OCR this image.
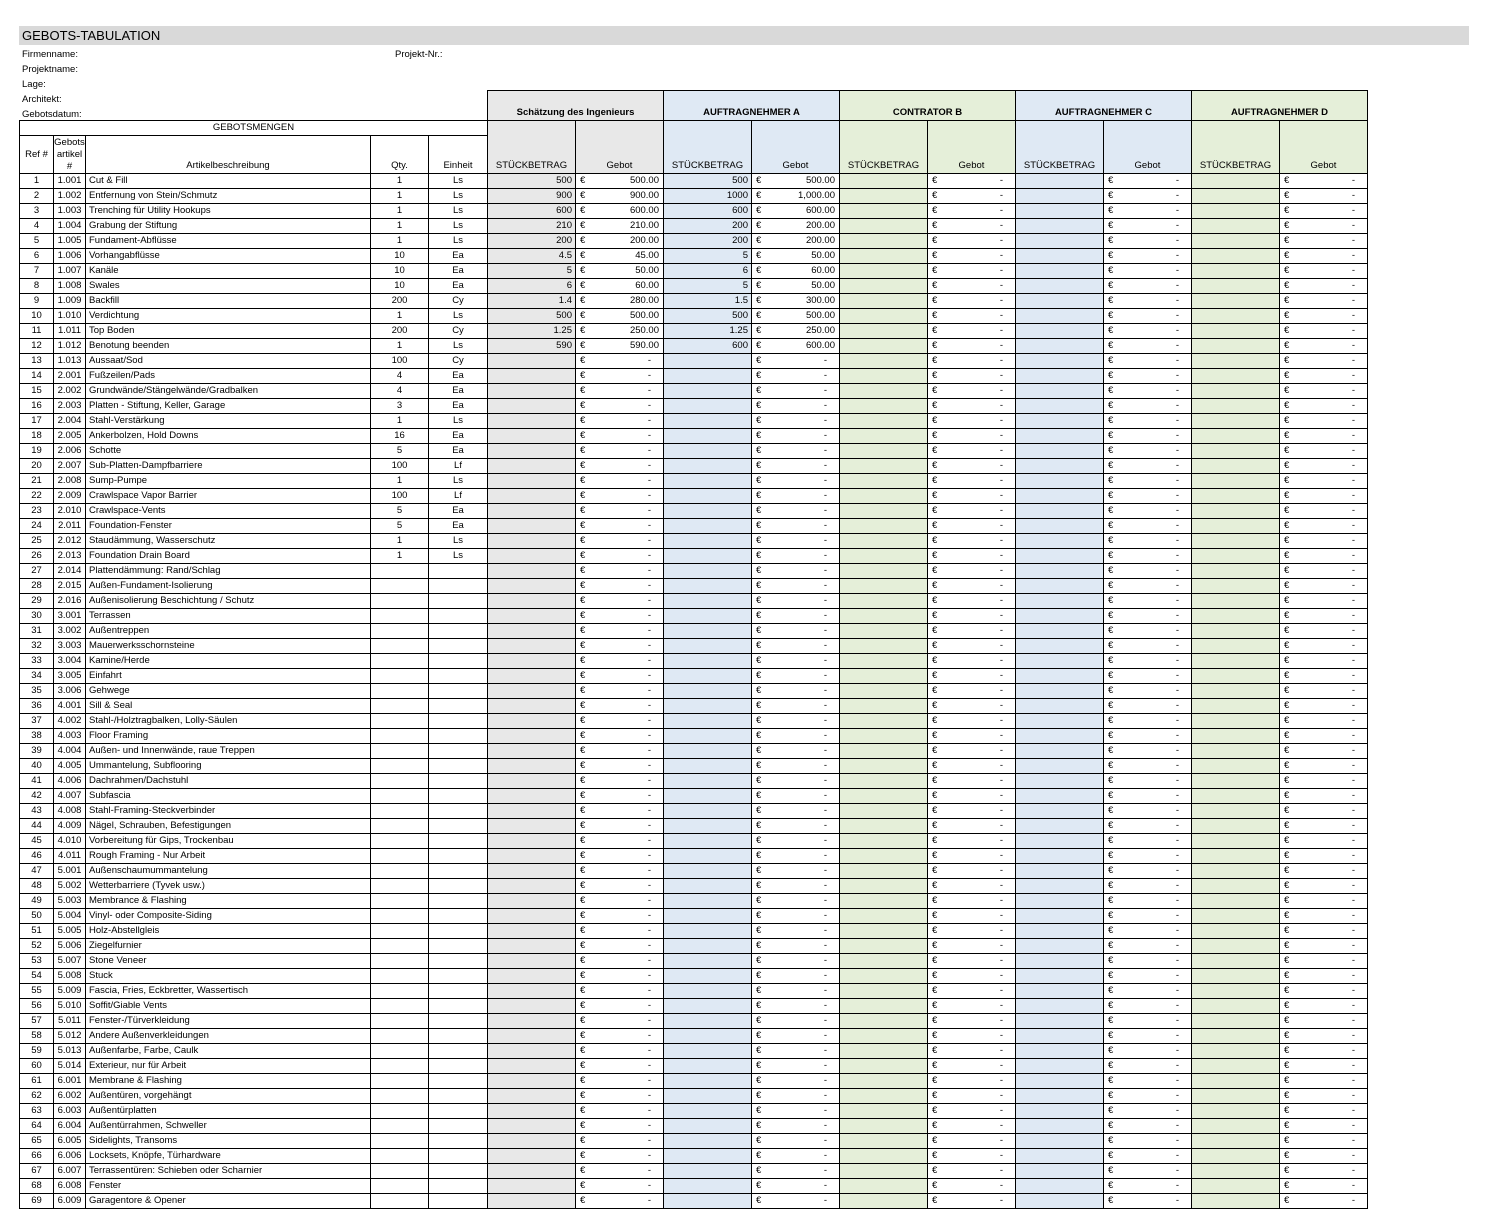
GEBOTS-TABULATION
Firmenname:
Projektname:
Lage:
Architekt:
Gebotsdatum:
Projekt-Nr.:
					Schätzung des Ingenieurs		AUFTRAGNEHMER A		CONTRATOR B		AUFTRAGNEHMER C		AUFTRAGNEHMER D	
GEBOTSMENGEN					STÜCKBETRAG	Gebot	STÜCKBETRAG	Gebot	STÜCKBETRAG	Gebot	STÜCKBETRAG	Gebot	STÜCKBETRAG	Gebot
Ref #	Gebots artikel #	Artikelbeschreibung	Qty.	Einheit										
1	1.001	Cut & Fill	1	Ls	500	€ 500.00	500	€ 500.00		€ -		€ -		€ -

2	1.002	Entfernung von Stein/Schmutz	1	Ls	900	€ 900.00	1000	€ 1,000.00		€ -		€ -		€ -

3	1.003	Trenching für Utility Hookups	1	Ls	600	€ 600.00	600	€ 600.00		€ -		€ -		€ -

4	1.004	Grabung der Stiftung	1	Ls	210	€ 210.00	200	€ 200.00		€ -		€ -		€ -

5	1.005	Fundament-Abflüsse	1	Ls	200	€ 200.00	200	€ 200.00		€ -		€ -		€ -

6	1.006	Vorhangabflüsse	10	Ea	4.5	€ 45.00	5	€ 50.00		€ -		€ -		€ -

7	1.007	Kanäle	10	Ea	5	€ 50.00	6	€ 60.00		€ -		€ -		€ -

8	1.008	Swales	10	Ea	6	€ 60.00	5	€ 50.00		€ -		€ -		€ -

9	1.009	Backfill	200	Cy	1.4	€ 280.00	1.5	€ 300.00		€ -		€ -		€ -

10	1.010	Verdichtung	1	Ls	500	€ 500.00	500	€ 500.00		€ -		€ -		€ -

11	1.011	Top Boden	200	Cy	1.25	€ 250.00	1.25	€ 250.00		€ -		€ -		€ -

12	1.012	Benotung beenden	1	Ls	590	€ 590.00	600	€ 600.00		€ -		€ -		€ -

13	1.013	Aussaat/Sod	100	Cy		€ -		€ -		€ -		€ -		€ -

14	2.001	Fußzeilen/Pads	4	Ea		€ -		€ -		€ -		€ -		€ -

15	2.002	Grundwände/Stängelwände/Gradbalken	4	Ea		€ -		€ -		€ -		€ -		€ -

16	2.003	Platten - Stiftung, Keller, Garage	3	Ea		€ -		€ -		€ -		€ -		€ -

17	2.004	Stahl-Verstärkung	1	Ls		€ -		€ -		€ -		€ -		€ -

18	2.005	Ankerbolzen, Hold Downs	16	Ea		€ -		€ -		€ -		€ -		€ -

19	2.006	Schotte	5	Ea		€ -		€ -		€ -		€ -		€ -

20	2.007	Sub-Platten-Dampfbarriere	100	Lf		€ -		€ -		€ -		€ -		€ -

21	2.008	Sump-Pumpe	1	Ls		€ -		€ -		€ -		€ -		€ -

22	2.009	Crawlspace Vapor Barrier	100	Lf		€ -		€ -		€ -		€ -		€ -

23	2.010	Crawlspace-Vents	5	Ea		€ -		€ -		€ -		€ -		€ -

24	2.011	Foundation-Fenster	5	Ea		€ -		€ -		€ -		€ -		€ -

25	2.012	Staudämmung, Wasserschutz	1	Ls		€ -		€ -		€ -		€ -		€ -

26	2.013	Foundation Drain Board	1	Ls		€ -		€ -		€ -		€ -		€ -

27	2.014	Plattendämmung: Rand/Schlag				€ -		€ -		€ -		€ -		€ -

28	2.015	Außen-Fundament-Isolierung				€ -		€ -		€ -		€ -		€ -

29	2.016	Außenisolierung Beschichtung / Schutz				€ -		€ -		€ -		€ -		€ -

30	3.001	Terrassen				€ -		€ -		€ -		€ -		€ -

31	3.002	Außentreppen				€ -		€ -		€ -		€ -		€ -

32	3.003	Mauerwerksschornsteine				€ -		€ -		€ -		€ -		€ -

33	3.004	Kamine/Herde				€ -		€ -		€ -		€ -		€ -

34	3.005	Einfahrt				€ -		€ -		€ -		€ -		€ -

35	3.006	Gehwege				€ -		€ -		€ -		€ -		€ -

36	4.001	Sill & Seal				€ -		€ -		€ -		€ -		€ -

37	4.002	Stahl-/Holztragbalken, Lolly-Säulen				€ -		€ -		€ -		€ -		€ -

38	4.003	Floor Framing				€ -		€ -		€ -		€ -		€ -

39	4.004	Außen- und Innenwände, raue Treppen				€ -		€ -		€ -		€ -		€ -

40	4.005	Ummantelung, Subflooring				€ -		€ -		€ -		€ -		€ -

41	4.006	Dachrahmen/Dachstuhl				€ -		€ -		€ -		€ -		€ -

42	4.007	Subfascia				€ -		€ -		€ -		€ -		€ -

43	4.008	Stahl-Framing-Steckverbinder				€ -		€ -		€ -		€ -		€ -

44	4.009	Nägel, Schrauben, Befestigungen				€ -		€ -		€ -		€ -		€ -

45	4.010	Vorbereitung für Gips, Trockenbau				€ -		€ -		€ -		€ -		€ -

46	4.011	Rough Framing - Nur Arbeit				€ -		€ -		€ -		€ -		€ -

47	5.001	Außenschaumummantelung				€ -		€ -		€ -		€ -		€ -

48	5.002	Wetterbarriere (Tyvek usw.)				€ -		€ -		€ -		€ -		€ -

49	5.003	Membrance & Flashing				€ -		€ -		€ -		€ -		€ -

50	5.004	Vinyl- oder Composite-Siding				€ -		€ -		€ -		€ -		€ -

51	5.005	Holz-Abstellgleis				€ -		€ -		€ -		€ -		€ -

52	5.006	Ziegelfurnier				€ -		€ -		€ -		€ -		€ -

53	5.007	Stone Veneer				€ -		€ -		€ -		€ -		€ -

54	5.008	Stuck				€ -		€ -		€ -		€ -		€ -

55	5.009	Fascia, Fries, Eckbretter, Wassertisch				€ -		€ -		€ -		€ -		€ -

56	5.010	Soffit/Giable Vents				€ -		€ -		€ -		€ -		€ -

57	5.011	Fenster-/Türverkleidung				€ -		€ -		€ -		€ -		€ -

58	5.012	Andere Außenverkleidungen				€ -		€ -		€ -		€ -		€ -

59	5.013	Außenfarbe, Farbe, Caulk				€ -		€ -		€ -		€ -		€ -

60	5.014	Exterieur, nur für Arbeit				€ -		€ -		€ -		€ -		€ -

61	6.001	Membrane & Flashing				€ -		€ -		€ -		€ -		€ -

62	6.002	Außentüren, vorgehängt				€ -		€ -		€ -		€ -		€ -

63	6.003	Außentürplatten				€ -		€ -		€ -		€ -		€ -

64	6.004	Außentürrahmen, Schweller				€ -		€ -		€ -		€ -		€ -

65	6.005	Sidelights, Transoms				€ -		€ -		€ -		€ -		€ -

66	6.006	Locksets, Knöpfe, Türhardware				€ -		€ -		€ -		€ -		€ -

67	6.007	Terrassentüren: Schieben oder Scharnier				€ -		€ -		€ -		€ -		€ -

68	6.008	Fenster				€ -		€ -		€ -		€ -		€ -

69	6.009	Garagentore & Opener				€ -		€ -		€ -		€ -		€ -
